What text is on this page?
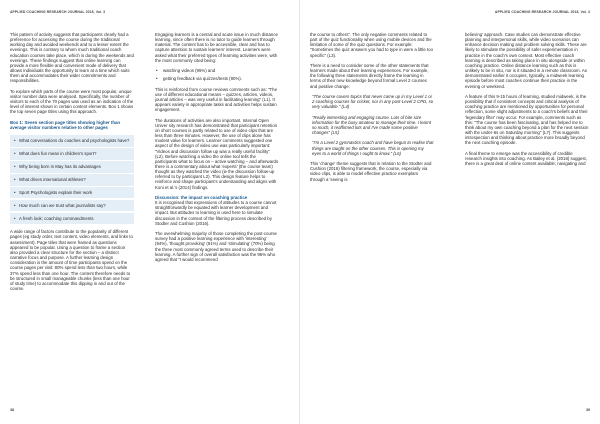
APPLIED COACHING RESEARCH JOURNAL 2018, Vol. 3

This pattern of activity suggests that participants clearly had a preference for accessing the course during the traditional working day and avoided weekends and to a lesser extent the evenings. This is contrary to whom much traditional coach education courses take place, which is during the weekends and evenings. These findings suggest that online learning can provide a more flexible and convenient mode of delivery that allows individuals the opportunity to learn at a time which suits them and accommodates their wider commitments and responsibilities.

To explore which parts of the course were most popular, unique visitor number data were analysed. Specifically, the number of visitors to each of the 70 pages was used as an indication of the level of interest shown in certain content elements. Box 1 shows the top seven page titles using this approach.

Box 1: Seven section page titles showing higher than average visitor numbers relative to other pages

• What conversations do coaches and psychologists have?
• What does fun mean in children's sport?
• Why being born in May has its advantages
• What drives international athletes?
• Sport Psychologists explain their work
• How much can we trust what journalists say?
• A fresh look; coaching commandments

A wide range of factors contribute to the popularity of different pages (eg study order, text content, video elements, and links to assessment). Page titles that were framed as questions appeared to be popular. Using a question to frame a section also provided a clear structure for the section – a distinct narrative focus and purpose. A further learning design consideration is the amount of time participants spend on the course pages per visit: 80% spend less than two hours, while 37% spend less than one hour. The content therefore needs to be structured in small manageable chunks (less than one hour of study time) to accommodate this dipping in and out of the course.

Engaging learners is a central and acute issue in much distance learning, since often there is no tutor to guide learners through material. The content has to be accessible, clear and has to capture attention to sustain learners' interest. Learners were asked what their preferred types of learning activities were, with the most commonly cited being:

• watching videos (95%) and
• getting feedback via quizzes/tests (90%).

This is reinforced from course reviews comments such as: "The use of different educational means – quizzes, articles, videos, journal articles – was very useful in facilitating learning" (L1). It appears variety in appropriate tasks and activities helps sustain engagement.

The durations of activities are also important. Internal Open Univer sity research has demonstrated that participant retention on short courses is partly related to use of video clips that are less than three minutes. However, the use of clips alone has modest value for learners. Learner comments suggested one aspect of the design of video use was particularly important: "Videos and discussion follow up was a really useful facility" (L2). Before watching a video the online tool tells the participants what to focus on – active watching – and afterwards there is a commentary about what 'experts' (the course team) thought as they watched the video (ie the discussion follow-up referred to by participant L2). This design feature helps to reinforce and shape participant's understanding and aligns with Koni et al.'s (2014) findings.

Discussion: the impact on coaching practice

It is recognised that expressions of attitudes to a course cannot straightforwardly be equated with learner development and impact. But attitudes to learning is used here to simulate discussion in the context of the filtering process described by Stodter and Cushion (2016).

The overwhelming majority of those completing the post-course survey had a positive learning experience with 'interesting' (94%), 'thought provoking' (91%) and 'stimulating' (70%) being the three most commonly agreed terms used to describe their learning. A further sign of overall satisfaction was the 96% who agreed that "I would recommend

38
APPLIED COACHING RESEARCH JOURNAL 2018, Vol. 3

the course to others". The only negative comments related to part of the quiz functionality when using mobile devices and the limitation of some of the quiz questions. For example: "Sometimes the quiz answers you had to type in were a little too specific" (L3).

There is a need to consider some of the other statements that learners made about their learning experiences. For example, the following three statements directly frame the learning in terms of their new knowledge beyond formal Level 2 courses and positive change:

"The course covers topics that never came up in my Level 1 or 2 coaching courses for cricket, nor in any post-Level 2 CPD, so very valuable." (L4)

"Really interesting and engaging course. Lots of bite size information for the busy amateur to manage their time. I learnt so much, it reaffirmed lots and I've made some positive changes" (L5)

"I'm a Level 2 gymnastics coach and have begun to realise that things are taught on the other courses. This is opening my eyes to a world of things I ought to know." (L6)

This 'change' theme suggests that in relation to the Stodter and Cushion (2016) filtering framework, the course, especially via video clips, is able to model effective practice exemplars through a 'seeing is

believing' approach. Case studies can demonstrate effective planning and interpersonal skills, while video scenarios can enhance decision making and problem solving skills. These are likely to stimulate the possibility of safer experimentation in practice in the coach's own context. Most effective coach learning is described as taking place in situ alongside or within coaching practice. Online distance learning such as this is unlikely to be in situ, nor is it situated in a remote classroom. As demonstrated earlier it occupies, typically, a midweek learning episode before most coaches continue their practice in the evening or weekend.

A feature of this 9-15 hours of learning, studied midweek, is the possibility that if consistent concepts and critical analysis of coaching practice are mentioned by opportunities for personal reflection, some slight adjustments to a coach's beliefs and their 'legendary filter' may occur. For example, comments such as this: "The course has been fascinating, and has helped me to think about my own coaching beyond a plan for the next session with the under-6s on Saturday morning" (L7). This suggests introspection and thinking about practice more broadly beyond the next coaching episode.

A final theme to emerge was the accessibility of credible research insights into coaching. As Bailey et al. (2018) suggest, there is a great deal of online content available; navigating and

39
